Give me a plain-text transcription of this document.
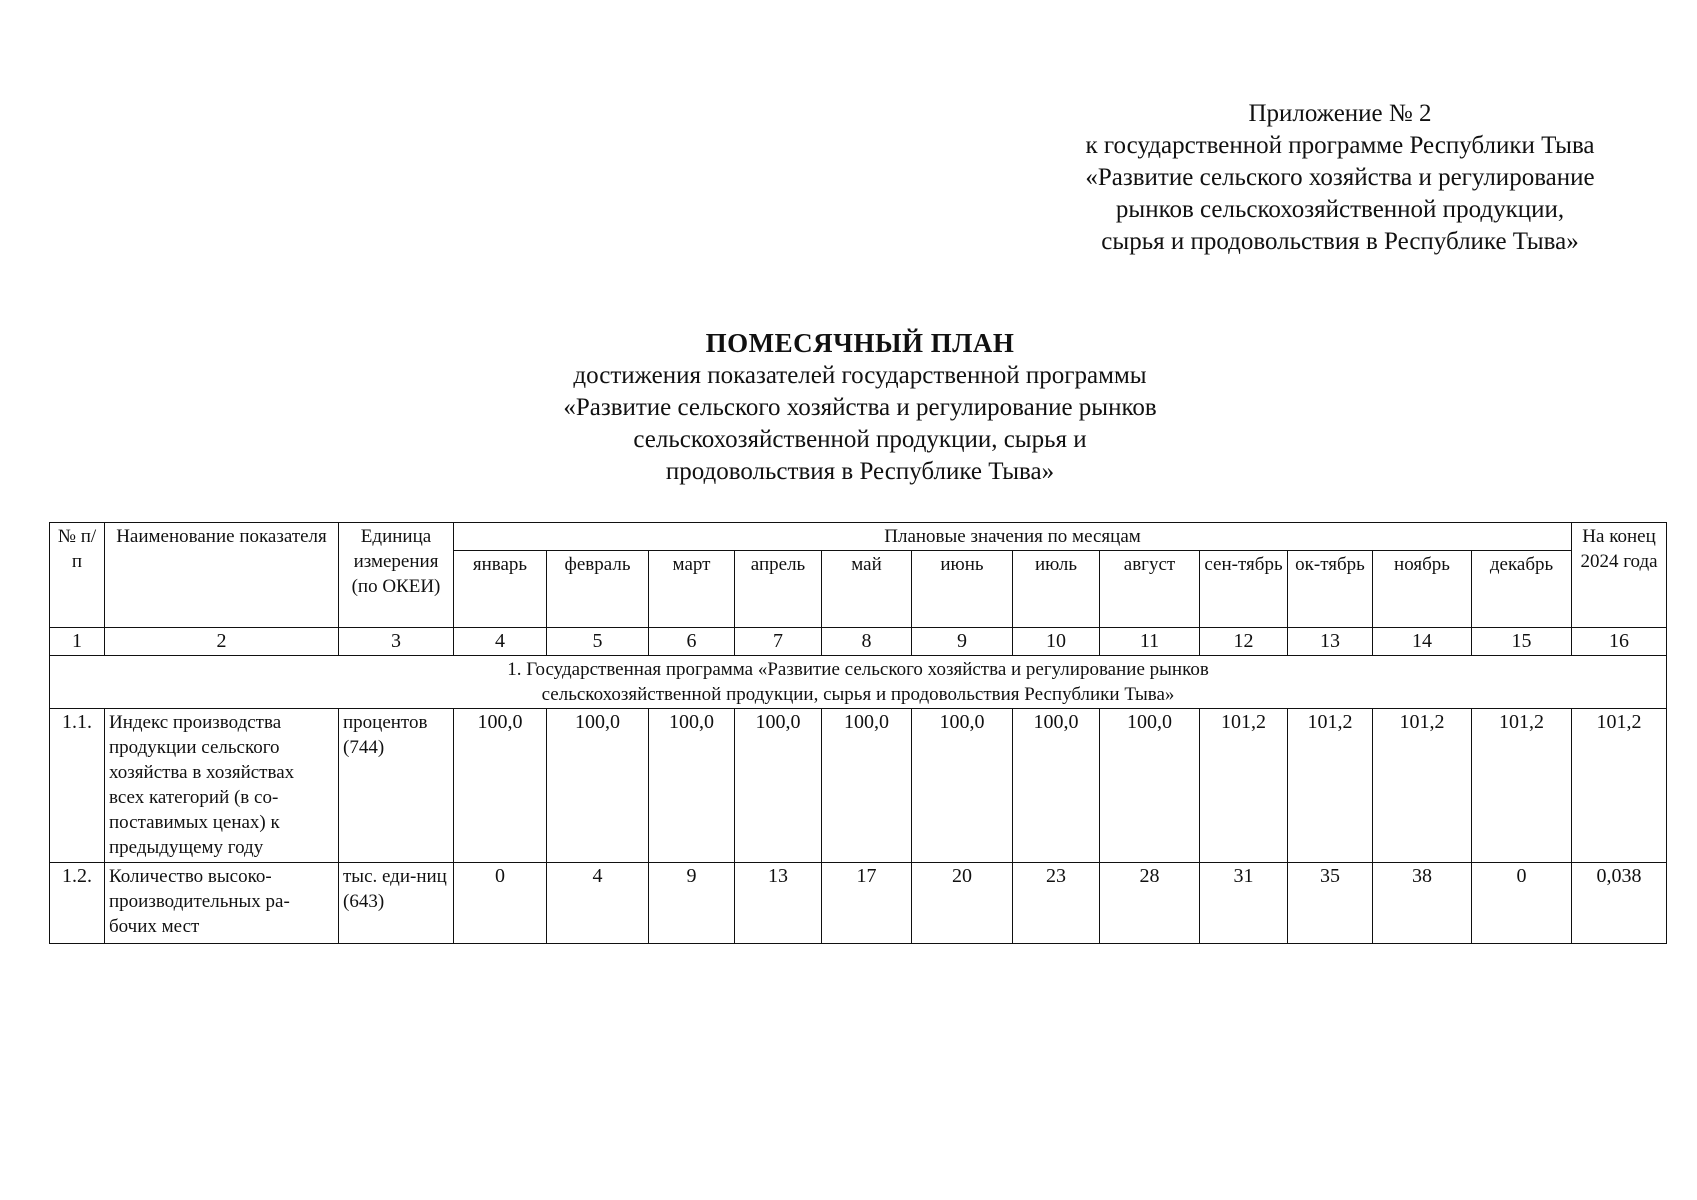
Приложение № 2
к государственной программе Республики Тыва
«Развитие сельского хозяйства и регулирование
рынков сельскохозяйственной продукции,
сырья и продовольствия в Республике Тыва»
ПОМЕСЯЧНЫЙ ПЛАН
достижения показателей государственной программы
«Развитие сельского хозяйства и регулирование рынков
сельскохозяйственной продукции, сырья и
продовольствия в Республике Тыва»
№ п/п	Наименование показателя	Единица измерения (по ОКЕИ)	Плановые значения по месяцам												На конец 2024 года
			январь	февраль	март	апрель	май	июнь	июль	август	сен-тябрь	ок-тябрь	ноябрь	декабрь	
1	2	3	4	5	6	7	8	9	10	11	12	13	14	15	16
1. Государственная программа «Развитие сельского хозяйства и регулирование рынков сельскохозяйственной продукции, сырья и продовольствия Республики Тыва»															
1.1.	Индекс производства продукции сельского хозяйства в хозяйствах всех категорий (в со-поставимых ценах) к предыдущему году	процентов (744)	100,0	100,0	100,0	100,0	100,0	100,0	100,0	100,0	101,2	101,2	101,2	101,2	101,2
1.2.	Количество высоко-производительных ра-бочих мест	тыс. еди-ниц (643)	0	4	9	13	17	20	23	28	31	35	38	0	0,038
